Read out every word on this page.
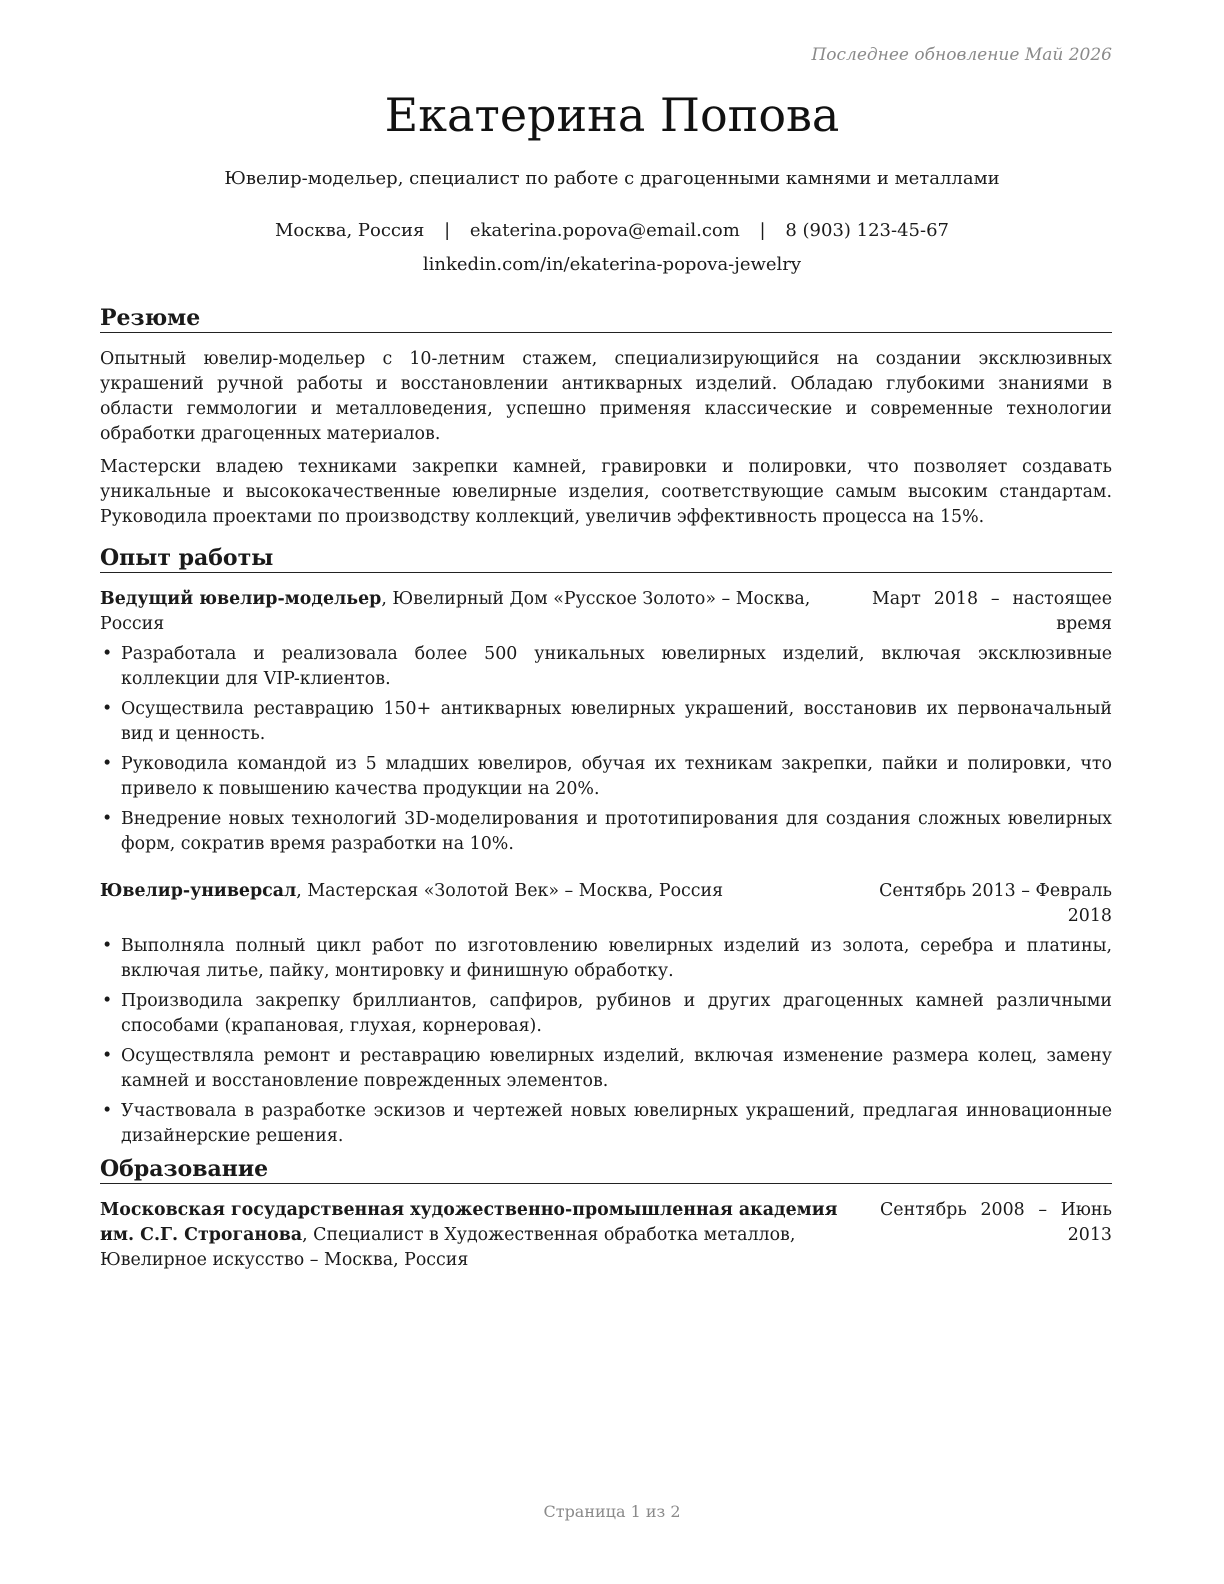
Последнее обновление Май 2026
Екатерина Попова
Ювелир-модельер, специалист по работе с драгоценными камнями и металлами
Москва, Россия | ekaterina.popova@email.com | 8 (903) 123-45-67
linkedin.com/in/ekaterina-popova-jewelry
Резюме

Опытный ювелир-модельер с 10-летним стажем, специализирующийся на создании эксклюзивных украшений ручной работы и восстановлении антикварных изделий. Обладаю глубокими знаниями в области геммологии и металловедения, успешно применяя классические и современные технологии обработки драгоценных материалов.

Мастерски владею техниками закрепки камней, гравировки и полировки, что позволяет создавать уникальные и высококачественные ювелирные изделия, соответствующие самым высоким стандартам. Руководила проектами по производству коллекций, увеличив эффективность процесса на 15%.

Опыт работы
Ведущий ювелир-модельер, Ювелирный Дом «Русское Золото» – Москва, Россия
Март 2018 – настоящее время
• Разработала и реализовала более 500 уникальных ювелирных изделий, включая эксклюзивные коллекции для VIP-клиентов.
• Осуществила реставрацию 150+ антикварных ювелирных украшений, восстановив их первоначальный вид и ценность.
• Руководила командой из 5 младших ювелиров, обучая их техникам закрепки, пайки и полировки, что привело к повышению качества продукции на 20%.
• Внедрение новых технологий 3D-моделирования и прототипирования для создания сложных ювелирных форм, сократив время разработки на 10%.
Ювелир-универсал, Мастерская «Золотой Век» – Москва, Россия	Сентябрь 2013 – Февраль 2018
• Выполняла полный цикл работ по изготовлению ювелирных изделий из золота, серебра и платины, включая литье, пайку, монтировку и финишную обработку.
• Производила закрепку бриллиантов, сапфиров, рубинов и других драгоценных камней различными способами (крапановая, глухая, корнеровая).
• Осуществляла ремонт и реставрацию ювелирных изделий, включая изменение размера колец, замену камней и восстановление поврежденных элементов.
• Участвовала в разработке эскизов и чертежей новых ювелирных украшений, предлагая инновационные дизайнерские решения.
Образование
Московская государственная художественно-промышленная академия им. С.Г. Строганова, Специалист в Художественная обработка металлов, Ювелирное искусство – Москва, Россия
Сентябрь 2008 – Июнь 2013
Страница 1 из 2
